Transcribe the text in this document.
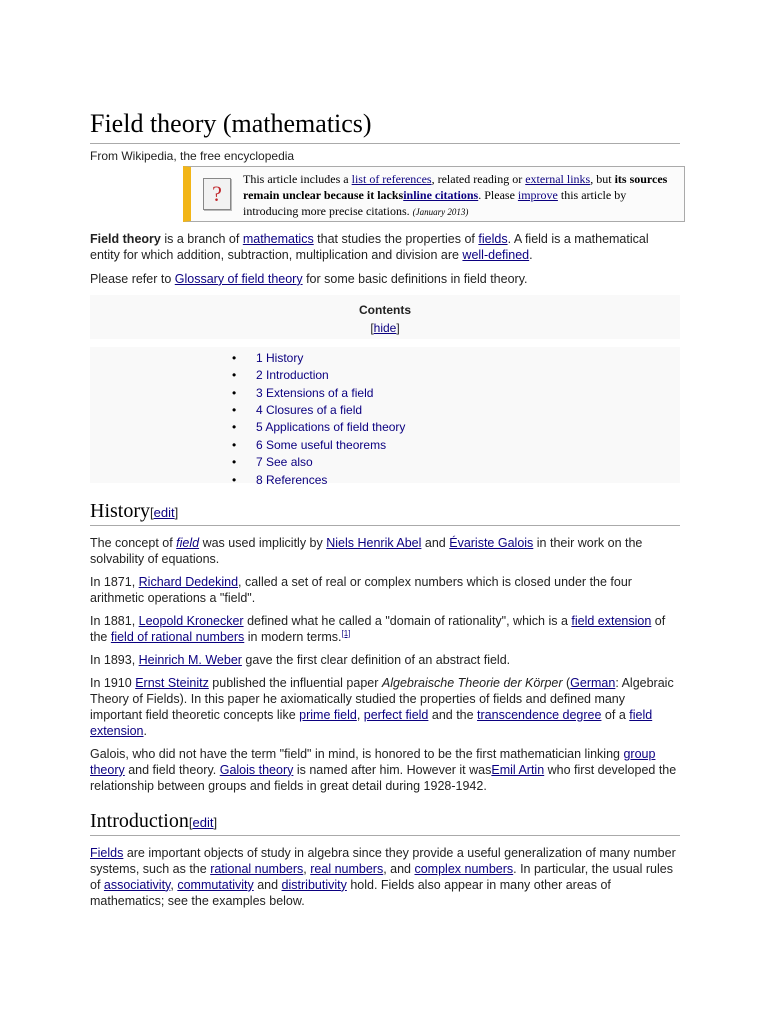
Field theory (mathematics)
From Wikipedia, the free encyclopedia
?
This article includes a list of references, related reading or external links, but its sources remain unclear because it lacksinline citations. Please improve this article by introducing more precise citations. (January 2013)

Field theory is a branch of mathematics that studies the properties of fields. A field is a mathematical entity for which addition, subtraction, multiplication and division are well-defined.

Please refer to Glossary of field theory for some basic definitions in field theory.

Contents
[hide]
•	1 History
•	2 Introduction
•	3 Extensions of a field
•	4 Closures of a field
•	5 Applications of field theory
•	6 Some useful theorems
•	7 See also
•	8 References
History[edit]

The concept of field was used implicitly by Niels Henrik Abel and Évariste Galois in their work on the solvability of equations.

In 1871, Richard Dedekind, called a set of real or complex numbers which is closed under the four arithmetic operations a "field".

In 1881, Leopold Kronecker defined what he called a "domain of rationality", which is a field extension of the field of rational numbers in modern terms.[1]

In 1893, Heinrich M. Weber gave the first clear definition of an abstract field.

In 1910 Ernst Steinitz published the influential paper Algebraische Theorie der Körper (German: Algebraic Theory of Fields). In this paper he axiomatically studied the properties of fields and defined many important field theoretic concepts like prime field, perfect field and the transcendence degree of a field extension.

Galois, who did not have the term "field" in mind, is honored to be the first mathematician linking group theory and field theory. Galois theory is named after him. However it wasEmil Artin who first developed the relationship between groups and fields in great detail during 1928-1942.

Introduction[edit]

Fields are important objects of study in algebra since they provide a useful generalization of many number systems, such as the rational numbers, real numbers, and complex numbers. In particular, the usual rules of associativity, commutativity and distributivity hold. Fields also appear in many other areas of mathematics; see the examples below.
